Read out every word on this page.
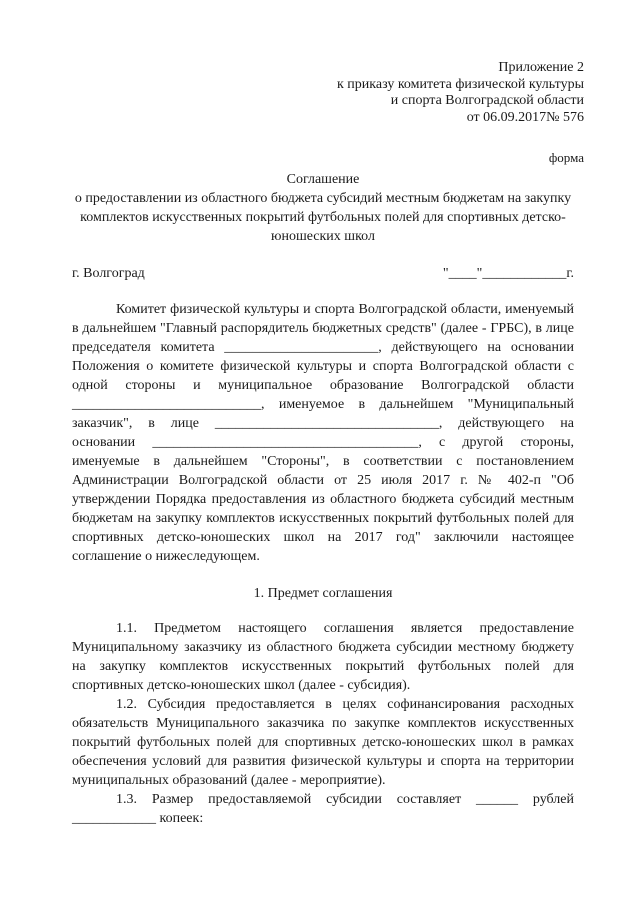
Приложение 2
к приказу комитета физической культуры
и спорта Волгоградской области
от 06.09.2017№ 576
форма
Соглашение
о предоставлении из областного бюджета субсидий местным бюджетам на закупку комплектов искусственных покрытий футбольных полей для спортивных детско-юношеских школ
г. Волгоград	"____"____________г.

Комитет физической культуры и спорта Волгоградской области, именуемый в дальнейшем "Главный распорядитель бюджетных средств" (далее - ГРБС), в лице председателя комитета ______________________, действующего на основании Положения о комитете физической культуры и спорта Волгоградской области с одной стороны и муниципальное образование Волгоградской области ___________________________, именуемое в дальнейшем "Муниципальный заказчик", в лице ________________________________, действующего на основании ______________________________________, с другой стороны, именуемые в дальнейшем "Стороны", в соответствии с постановлением Администрации Волгоградской области от 25 июля 2017 г. № 402-п "Об утверждении Порядка предоставления из областного бюджета субсидий местным бюджетам на закупку комплектов искусственных покрытий футбольных полей для спортивных детско-юношеских школ на 2017 год" заключили настоящее соглашение о нижеследующем.

1. Предмет соглашения

1.1. Предметом настоящего соглашения является предоставление Муниципальному заказчику из областного бюджета субсидии местному бюджету на закупку комплектов искусственных покрытий футбольных полей для спортивных детско-юношеских школ (далее - субсидия).

1.2. Субсидия предоставляется в целях софинансирования расходных обязательств Муниципального заказчика по закупке комплектов искусственных покрытий футбольных полей для спортивных детско-юношеских школ в рамках обеспечения условий для развития физической культуры и спорта на территории муниципальных образований (далее - мероприятие).

1.3. Размер предоставляемой субсидии составляет ______ рублей ____________ копеек:
